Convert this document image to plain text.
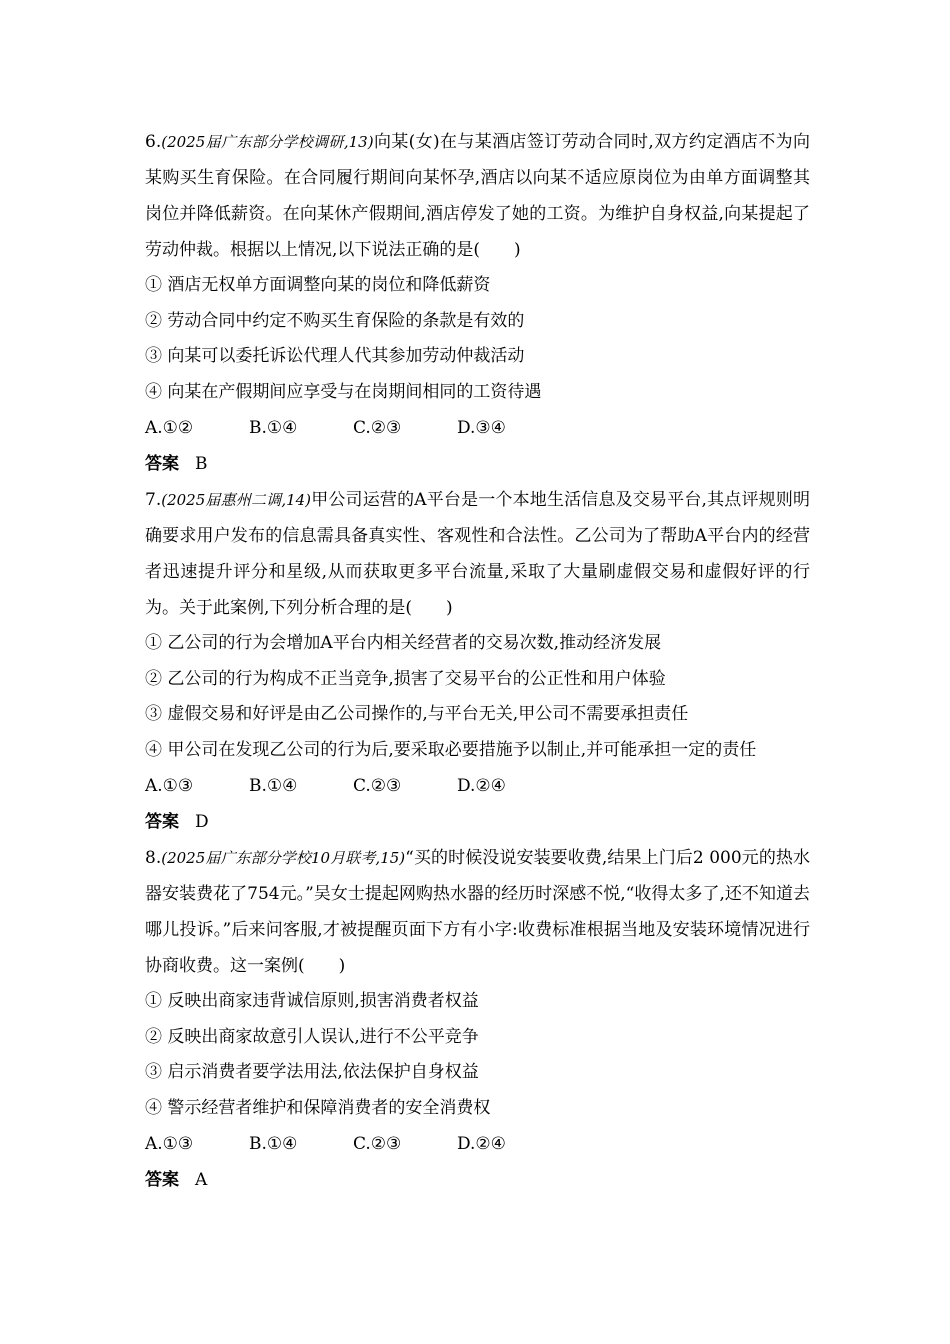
6.(2025届广东部分学校调研,13)向某(女)在与某酒店签订劳动合同时,双方约定酒店不为向某购买生育保险。在合同履行期间向某怀孕,酒店以向某不适应原岗位为由单方面调整其岗位并降低薪资。在向某休产假期间,酒店停发了她的工资。为维护自身权益,向某提起了劳动仲裁。根据以上情况,以下说法正确的是(　　)

① 酒店无权单方面调整向某的岗位和降低薪资

② 劳动合同中约定不购买生育保险的条款是有效的

③ 向某可以委托诉讼代理人代其参加劳动仲裁活动

④ 向某在产假期间应享受与在岗期间相同的工资待遇

A.①②	B.①④	C.②③	D.③④

答案 B

7.(2025届惠州二调,14)甲公司运营的A平台是一个本地生活信息及交易平台,其点评规则明确要求用户发布的信息需具备真实性、客观性和合法性。乙公司为了帮助A平台内的经营者迅速提升评分和星级,从而获取更多平台流量,采取了大量刷虚假交易和虚假好评的行为。关于此案例,下列分析合理的是(　　)

① 乙公司的行为会增加A平台内相关经营者的交易次数,推动经济发展

② 乙公司的行为构成不正当竞争,损害了交易平台的公正性和用户体验

③ 虚假交易和好评是由乙公司操作的,与平台无关,甲公司不需要承担责任

④ 甲公司在发现乙公司的行为后,要采取必要措施予以制止,并可能承担一定的责任

A.①③	B.①④	C.②③	D.②④

答案 D

8.(2025届广东部分学校10月联考,15)“买的时候没说安装要收费,结果上门后2 000元的热水器安装费花了754元。”吴女士提起网购热水器的经历时深感不悦,“收得太多了,还不知道去哪儿投诉。”后来问客服,才被提醒页面下方有小字:收费标准根据当地及安装环境情况进行协商收费。这一案例(　　)

① 反映出商家违背诚信原则,损害消费者权益

② 反映出商家故意引人误认,进行不公平竞争

③ 启示消费者要学法用法,依法保护自身权益

④ 警示经营者维护和保障消费者的安全消费权

A.①③	B.①④	C.②③	D.②④

答案 A
